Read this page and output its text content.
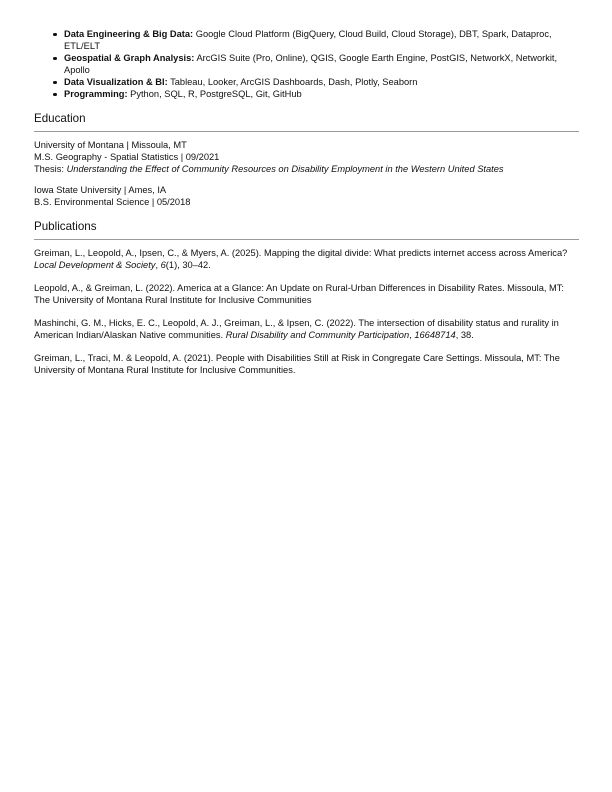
Data Engineering & Big Data: Google Cloud Platform (BigQuery, Cloud Build, Cloud Storage), DBT, Spark, Dataproc, ETL/ELT
Geospatial & Graph Analysis: ArcGIS Suite (Pro, Online), QGIS, Google Earth Engine, PostGIS, NetworkX, Networkit, Apollo
Data Visualization & BI: Tableau, Looker, ArcGIS Dashboards, Dash, Plotly, Seaborn
Programming: Python, SQL, R, PostgreSQL, Git, GitHub
Education
University of Montana | Missoula, MT
M.S. Geography - Spatial Statistics | 09/2021
Thesis: Understanding the Effect of Community Resources on Disability Employment in the Western United States
Iowa State University | Ames, IA
B.S. Environmental Science | 05/2018
Publications

Greiman, L., Leopold, A., Ipsen, C., & Myers, A. (2025). Mapping the digital divide: What predicts internet access across America? Local Development & Society, 6(1), 30–42.

Leopold, A., & Greiman, L. (2022). America at a Glance: An Update on Rural-Urban Differences in Disability Rates. Missoula, MT: The University of Montana Rural Institute for Inclusive Communities

Mashinchi, G. M., Hicks, E. C., Leopold, A. J., Greiman, L., & Ipsen, C. (2022). The intersection of disability status and rurality in American Indian/Alaskan Native communities. Rural Disability and Community Participation, 16648714, 38.

Greiman, L., Traci, M. & Leopold, A. (2021). People with Disabilities Still at Risk in Congregate Care Settings. Missoula, MT: The University of Montana Rural Institute for Inclusive Communities.
